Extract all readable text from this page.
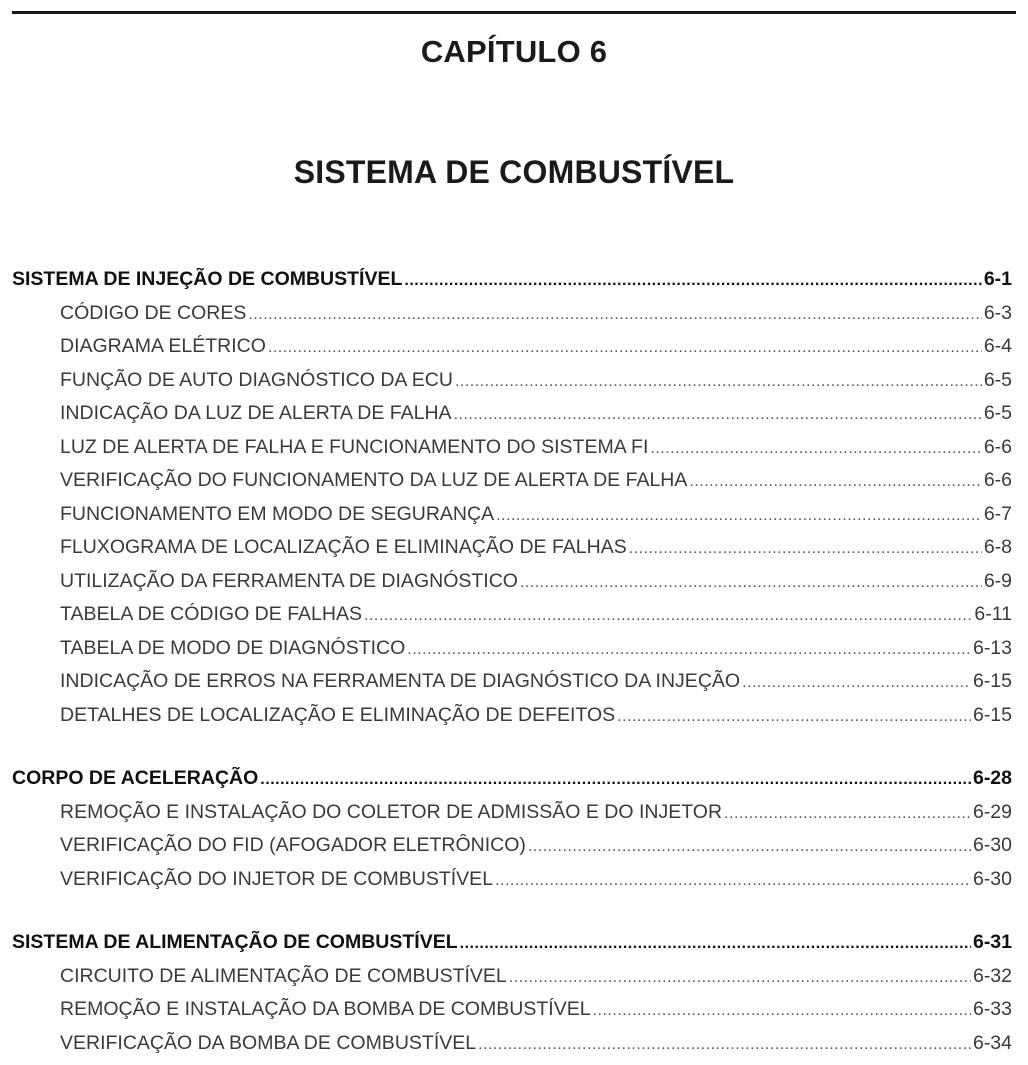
CAPÍTULO 6
SISTEMA DE COMBUSTÍVEL
SISTEMA DE INJEÇÃO DE COMBUSTÍVEL .....	6-1
CÓDIGO DE CORES .....	6-3
DIAGRAMA ELÉTRICO .....	6-4
FUNÇÃO DE AUTO DIAGNÓSTICO DA ECU .....	6-5
INDICAÇÃO DA LUZ DE ALERTA DE FALHA .....	6-5
LUZ DE ALERTA DE FALHA E FUNCIONAMENTO DO SISTEMA FI .....	6-6
VERIFICAÇÃO DO FUNCIONAMENTO DA LUZ DE ALERTA DE FALHA .....	6-6
FUNCIONAMENTO EM MODO DE SEGURANÇA .....	6-7
FLUXOGRAMA DE LOCALIZAÇÃO E ELIMINAÇÃO DE FALHAS .....	6-8
UTILIZAÇÃO DA FERRAMENTA DE DIAGNÓSTICO .....	6-9
TABELA DE CÓDIGO DE FALHAS .....	6-11
TABELA DE MODO DE DIAGNÓSTICO .....	6-13
INDICAÇÃO DE ERROS NA FERRAMENTA DE DIAGNÓSTICO DA INJEÇÃO .....	6-15
DETALHES DE LOCALIZAÇÃO E ELIMINAÇÃO DE DEFEITOS .....	6-15
CORPO DE ACELERAÇÃO .....	6-28
REMOÇÃO E INSTALAÇÃO DO COLETOR DE ADMISSÃO E DO INJETOR .....	6-29
VERIFICAÇÃO DO FID (AFOGADOR ELETRÔNICO) .....	6-30
VERIFICAÇÃO DO INJETOR DE COMBUSTÍVEL .....	6-30
SISTEMA DE ALIMENTAÇÃO DE COMBUSTÍVEL .....	6-31
CIRCUITO DE ALIMENTAÇÃO DE COMBUSTÍVEL .....	6-32
REMOÇÃO E INSTALAÇÃO DA BOMBA DE COMBUSTÍVEL .....	6-33
VERIFICAÇÃO DA BOMBA DE COMBUSTÍVEL .....	6-34
